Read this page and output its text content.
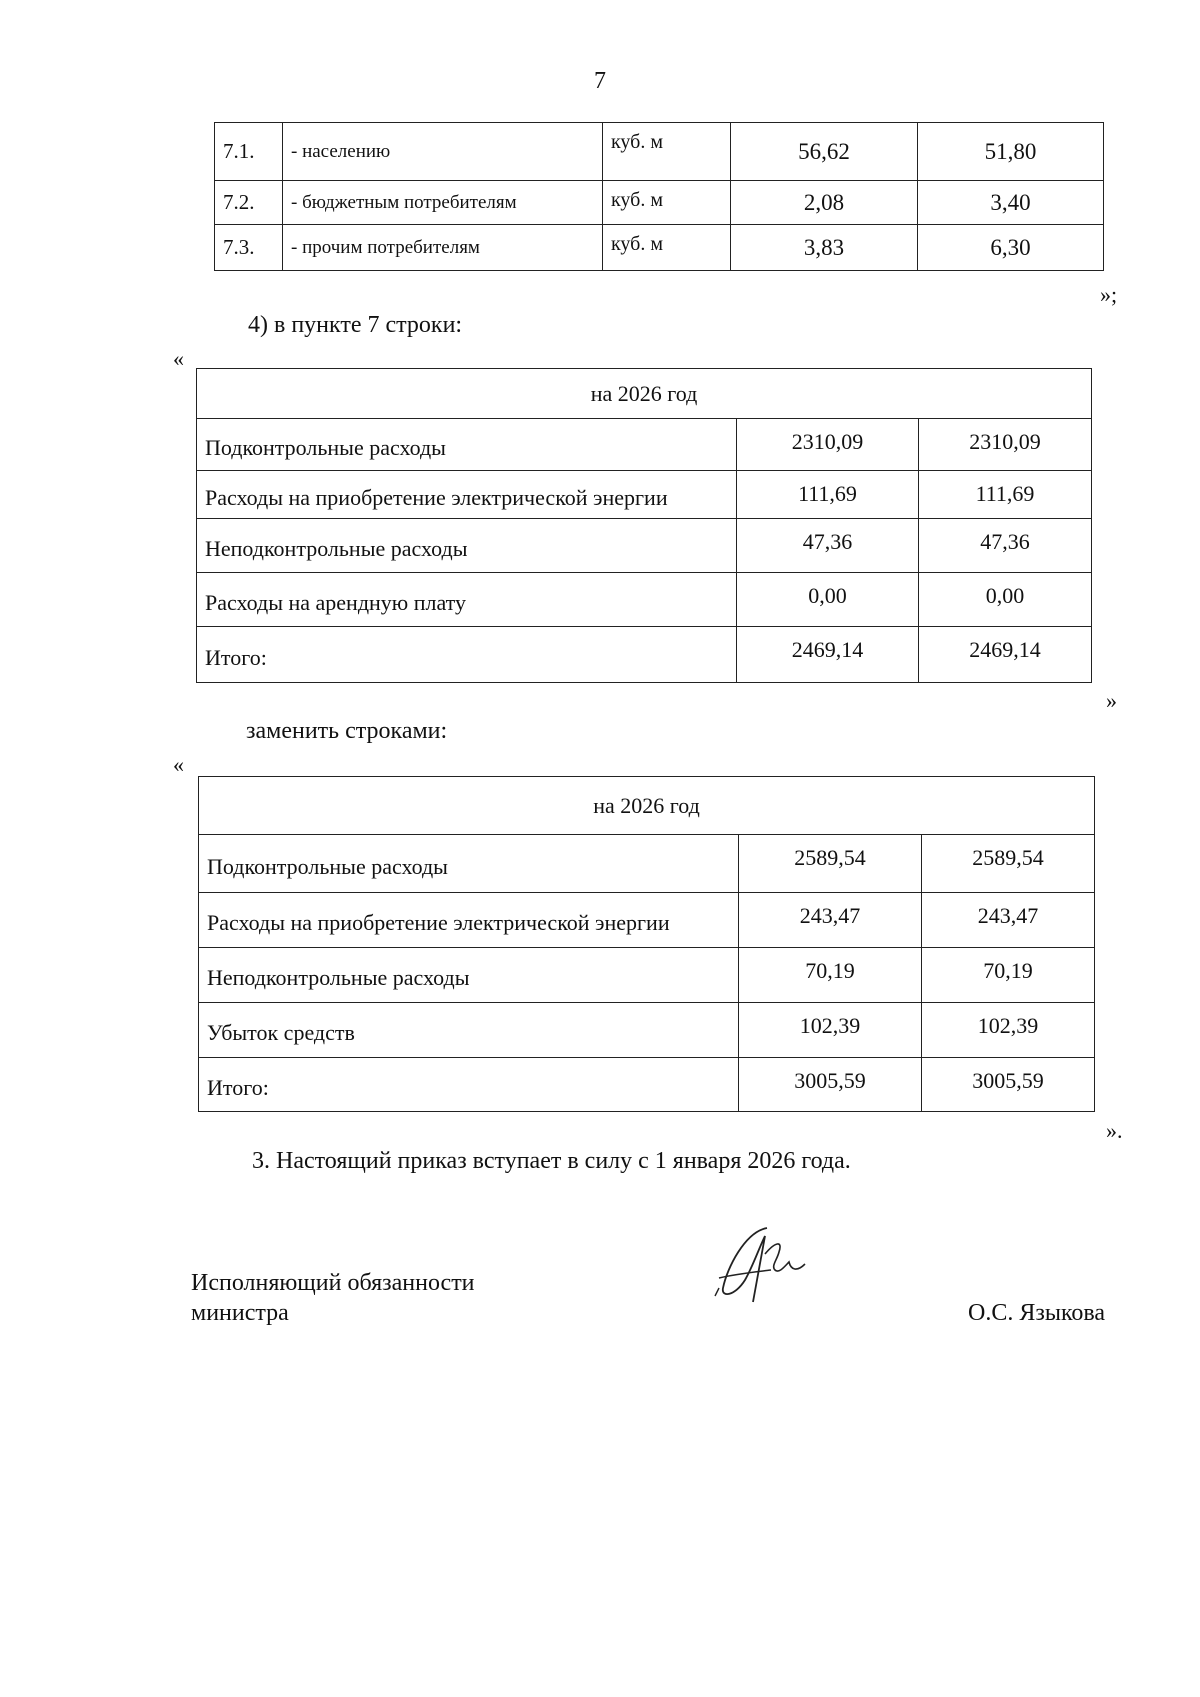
7
7.1.	- населению	куб. м	56,62	51,80
7.2.	- бюджетным потребителям	куб. м	2,08	3,40
7.3.	- прочим потребителям	куб. м	3,83	6,30
»;
4) в пункте 7 строки:
«
на 2026 год		
Подконтрольные расходы	2310,09	2310,09
Расходы на приобретение электрической энергии	111,69	111,69
Неподконтрольные расходы	47,36	47,36
Расходы на арендную плату	0,00	0,00
Итого:	2469,14	2469,14
»
заменить строками:
«
на 2026 год		
Подконтрольные расходы	2589,54	2589,54
Расходы на приобретение электрической энергии	243,47	243,47
Неподконтрольные расходы	70,19	70,19
Убыток средств	102,39	102,39
Итого:	3005,59	3005,59
».
3. Настоящий приказ вступает в силу с 1 января 2026 года.
Исполняющий обязанности
министра	О.С. Языкова
